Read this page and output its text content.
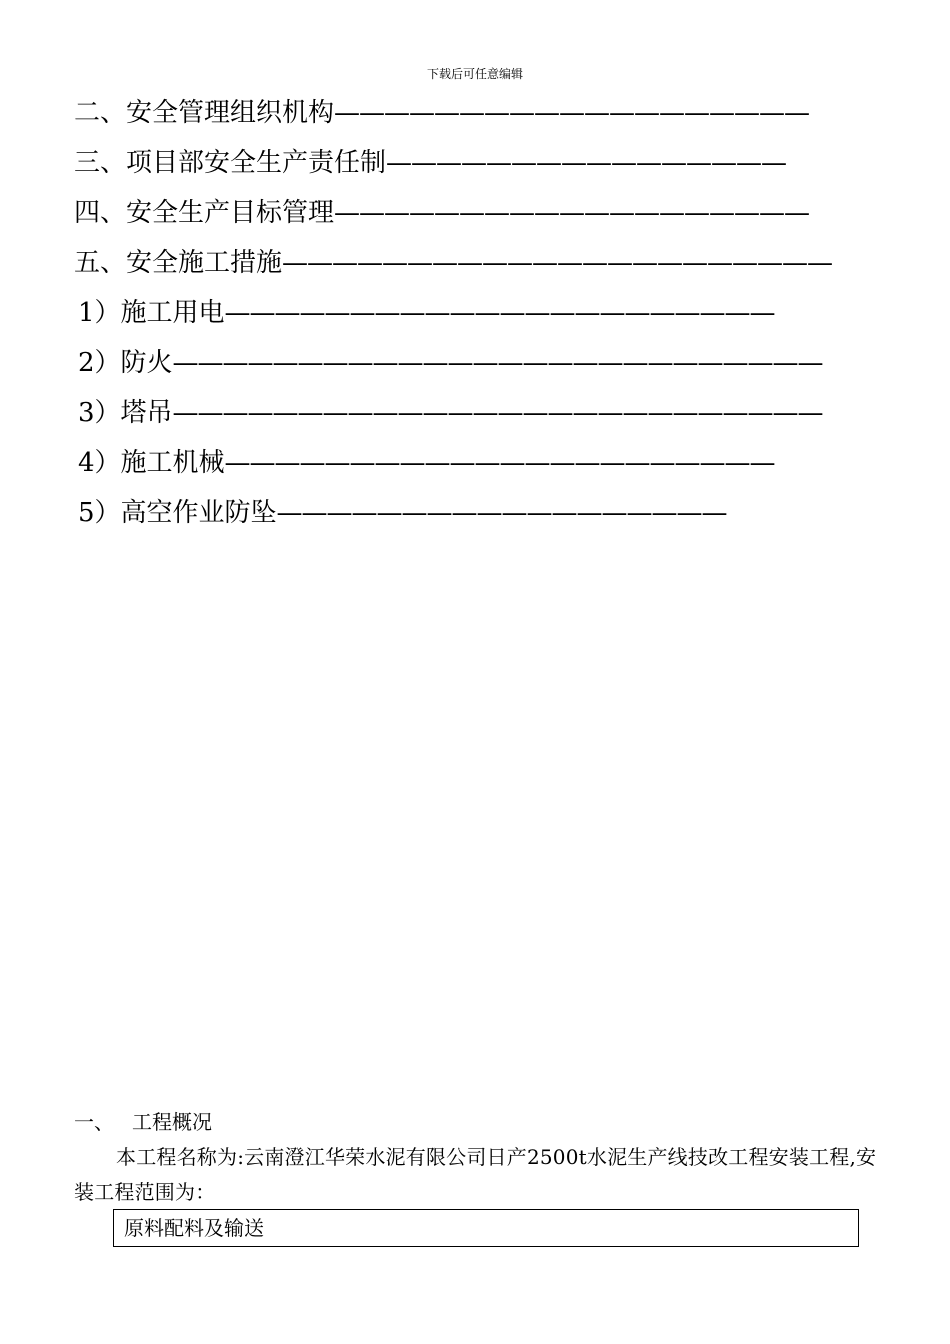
下载后可任意编辑
二、安全管理组织机构———————————————————
三、项目部安全生产责任制————————————————
四、安全生产目标管理———————————————————
五、安全施工措施——————————————————————
1）施工用电——————————————————————
2）防火——————————————————————————
3）塔吊——————————————————————————
4）施工机械——————————————————————
5）高空作业防坠——————————————————
一、 工程概况
本工程名称为:云南澄江华荣水泥有限公司日产2500t水泥生产线技改工程安装工程,安装工程范围为：
原料配料及输送
